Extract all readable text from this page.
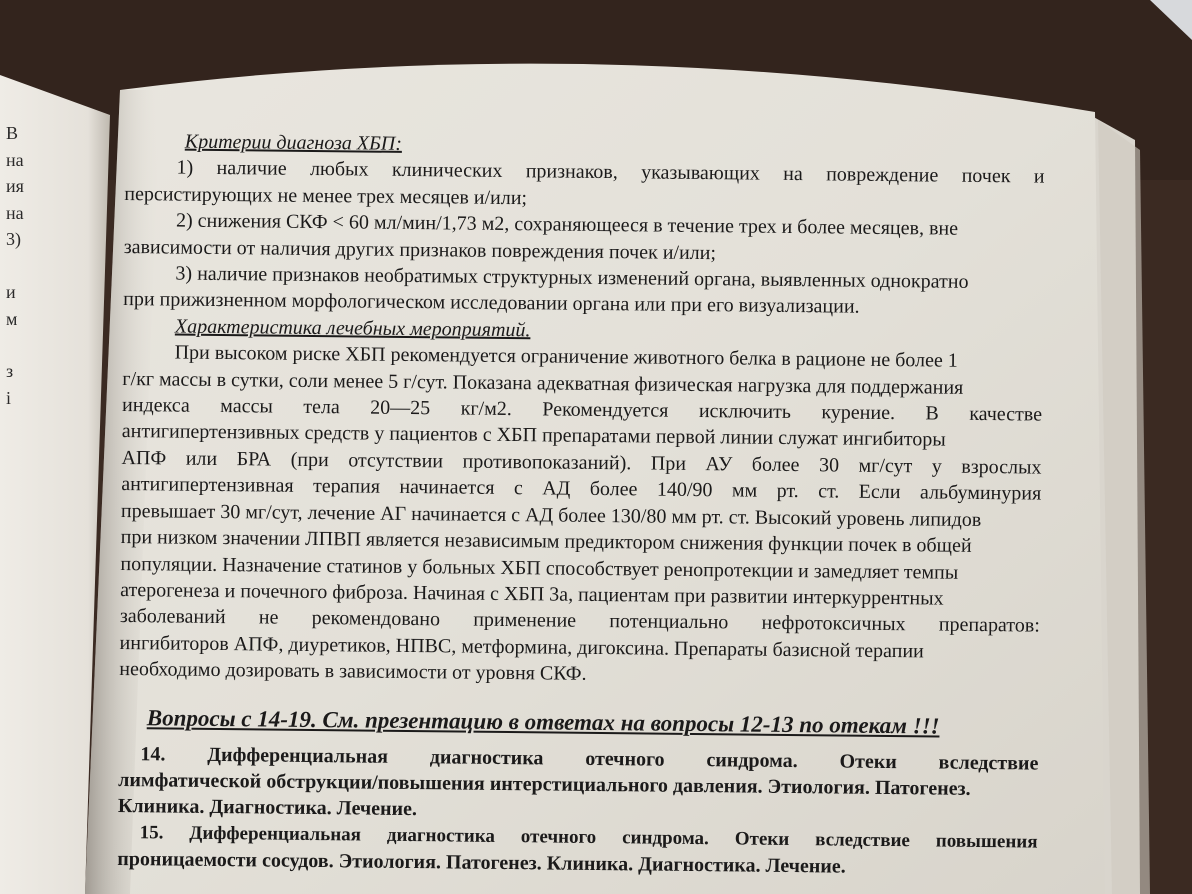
В
на
ия
на
3)
и
м
з
і
Критерии диагноза ХБП:
1) наличие любых клинических признаков, указывающих на повреждение почек и
персистирующих не менее трех месяцев и/или;
2) снижения СКФ < 60 мл/мин/1,73 м2, сохраняющееся в течение трех и более месяцев, вне
зависимости от наличия других признаков повреждения почек и/или;
3) наличие признаков необратимых структурных изменений органа, выявленных однократно
при прижизненном морфологическом исследовании органа или при его визуализации.
Характеристика лечебных мероприятий.
При высоком риске ХБП рекомендуется ограничение животного белка в рационе не более 1
г/кг массы в сутки, соли менее 5 г/сут. Показана адекватная физическая нагрузка для поддержания
индекса массы тела 20—25 кг/м2. Рекомендуется исключить курение. В качестве
антигипертензивных средств у пациентов с ХБП препаратами первой линии служат ингибиторы
АПФ или БРА (при отсутствии противопоказаний). При АУ более 30 мг/сут у взрослых
антигипертензивная терапия начинается с АД более 140/90 мм рт. ст. Если альбуминурия
превышает 30 мг/сут, лечение АГ начинается с АД более 130/80 мм рт. ст. Высокий уровень липидов
при низком значении ЛПВП является независимым предиктором снижения функции почек в общей
популяции. Назначение статинов у больных ХБП способствует ренопротекции и замедляет темпы
атерогенеза и почечного фиброза. Начиная с ХБП 3а, пациентам при развитии интеркуррентных
заболеваний не рекомендовано применение потенциально нефротоксичных препаратов:
ингибиторов АПФ, диуретиков, НПВС, метформина, дигоксина. Препараты базисной терапии
необходимо дозировать в зависимости от уровня СКФ.
Вопросы с 14-19. См. презентацию в ответах на вопросы 12-13 по отекам !!!
14. Дифференциальная диагностика отечного синдрома. Отеки вследствие
лимфатической обструкции/повышения интерстициального давления. Этиология. Патогенез.
Клиника. Диагностика. Лечение.
15. Дифференциальная диагностика отечного синдрома. Отеки вследствие повышения
проницаемости сосудов. Этиология. Патогенез. Клиника. Диагностика. Лечение.
